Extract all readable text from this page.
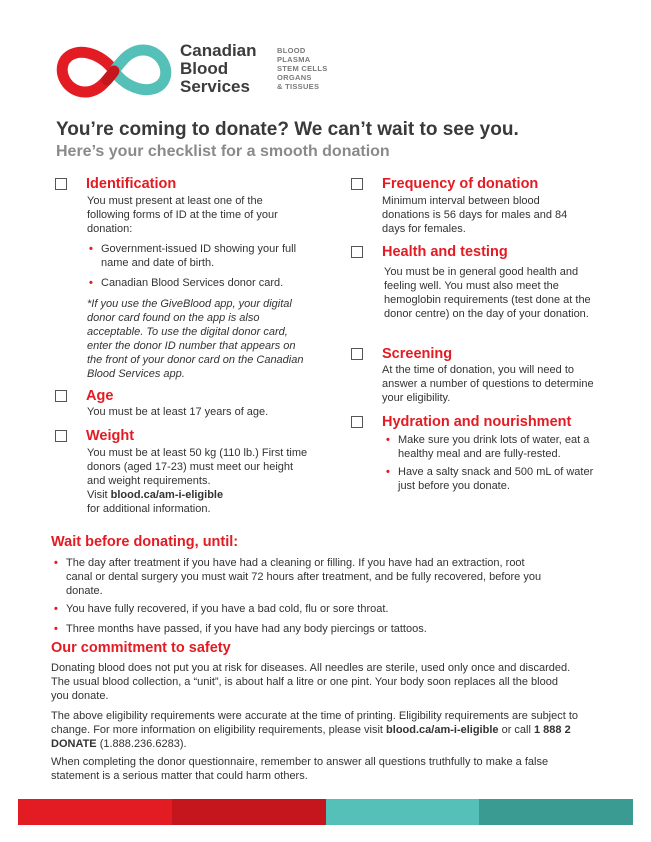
Canadian
Blood
Services
BLOOD
PLASMA
STEM CELLS
ORGANS
& TISSUES
You’re coming to donate? We can’t wait to see you.
Here’s your checklist for a smooth donation
Identification
You must present at least one of the following forms of ID at the time of your donation:
• Government-issued ID showing your full name and date of birth.
• Canadian Blood Services donor card.
*If you use the GiveBlood app, your digital donor card found on the app is also acceptable. To use the digital donor card, enter the donor ID number that appears on the front of your donor card on the Canadian Blood Services app.
Age
You must be at least 17 years of age.
Weight
You must be at least 50 kg (110 lb.) First time donors (aged 17-23) must meet our height and weight requirements.
Visit blood.ca/am-i-eligible
for additional information.
Frequency of donation
Minimum interval between blood donations is 56 days for males and 84 days for females.
Health and testing
You must be in general good health and feeling well. You must also meet the hemoglobin requirements (test done at the donor centre) on the day of your donation.
Screening
At the time of donation, you will need to answer a number of questions to determine your eligibility.
Hydration and nourishment
• Make sure you drink lots of water, eat a healthy meal and are fully-rested.
• Have a salty snack and 500 mL of water just before you donate.
Wait before donating, until:
• The day after treatment if you have had a cleaning or filling. If you have had an extraction, root canal or dental surgery you must wait 72 hours after treatment, and be fully recovered, before you donate.
• You have fully recovered, if you have a bad cold, flu or sore throat.
• Three months have passed, if you have had any body piercings or tattoos.
Our commitment to safety
Donating blood does not put you at risk for diseases. All needles are sterile, used only once and discarded. The usual blood collection, a “unit”, is about half a litre or one pint. Your body soon replaces all the blood you donate.
The above eligibility requirements were accurate at the time of printing. Eligibility requirements are subject to change. For more information on eligibility requirements, please visit blood.ca/am-i-eligible or call 1 888 2 DONATE (1.888.236.6283).
When completing the donor questionnaire, remember to answer all questions truthfully to make a false statement is a serious matter that could harm others.
